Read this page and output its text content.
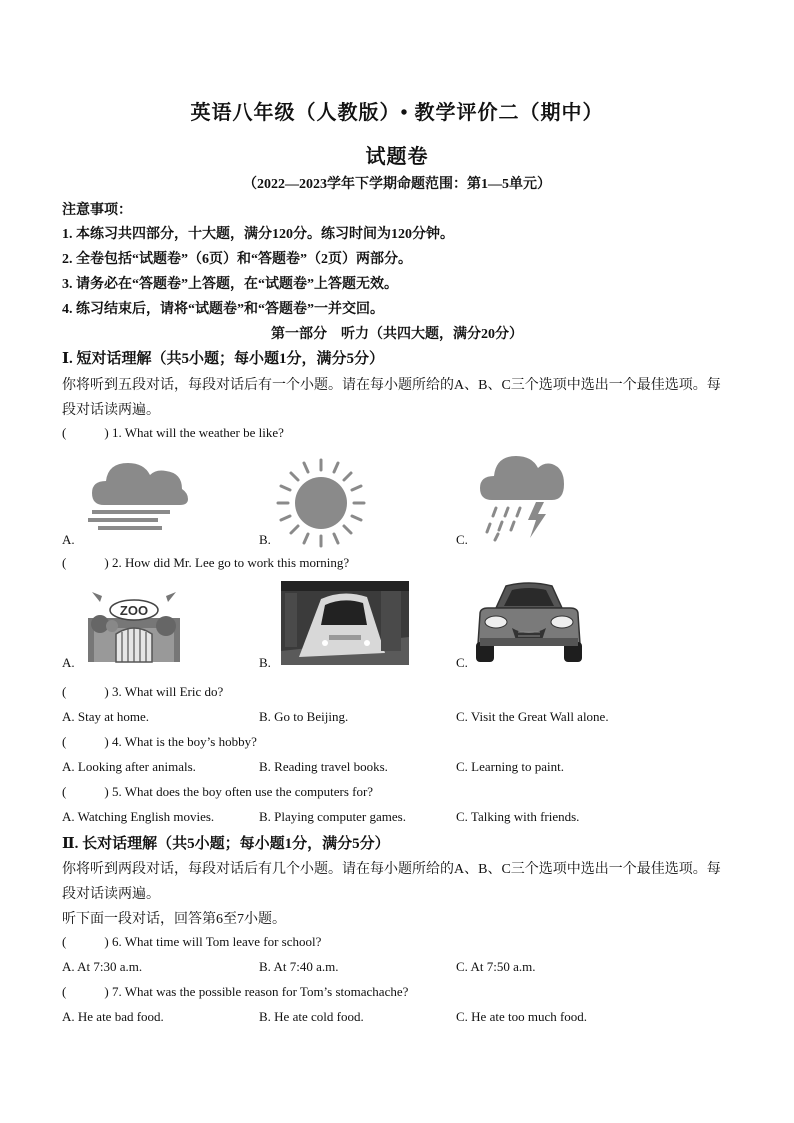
英语八年级（人教版）• 教学评价二（期中）
试题卷
（2022—2023学年下学期命题范围：第1—5单元）
注意事项：
1. 本练习共四部分，十大题，满分120分。练习时间为120分钟。
2. 全卷包括“试题卷”（6页）和“答题卷”（2页）两部分。
3. 请务必在“答题卷”上答题，在“试题卷”上答题无效。
4. 练习结束后，请将“试题卷”和“答题卷”一并交回。
第一部分　听力（共四大题，满分20分）
Ⅰ. 短对话理解（共5小题；每小题1分，满分5分）
你将听到五段对话，每段对话后有一个小题。请在每小题所给的A、B、C三个选项中选出一个最佳选项。每
段对话读两遍。
(	) 1. What will the weather be like?
A.	B.	C.
(	) 2. How did Mr. Lee go to work this morning?
ZOO
A.	B.	C.
(	) 3. What will Eric do?
A. Stay at home.	B. Go to Beijing.	C. Visit the Great Wall alone.
(	) 4. What is the boy’s hobby?
A. Looking after animals.	B. Reading travel books.	C. Learning to paint.
(	) 5. What does the boy often use the computers for?
A. Watching English movies.	B. Playing computer games.	C. Talking with friends.
Ⅱ. 长对话理解（共5小题；每小题1分，满分5分）
你将听到两段对话，每段对话后有几个小题。请在每小题所给的A、B、C三个选项中选出一个最佳选项。每
段对话读两遍。
听下面一段对话，回答第6至7小题。
(	) 6. What time will Tom leave for school?
A. At 7:30 a.m.	B. At 7:40 a.m.	C. At 7:50 a.m.
(	) 7. What was the possible reason for Tom’s stomachache?
A. He ate bad food.	B. He ate cold food.	C. He ate too much food.
